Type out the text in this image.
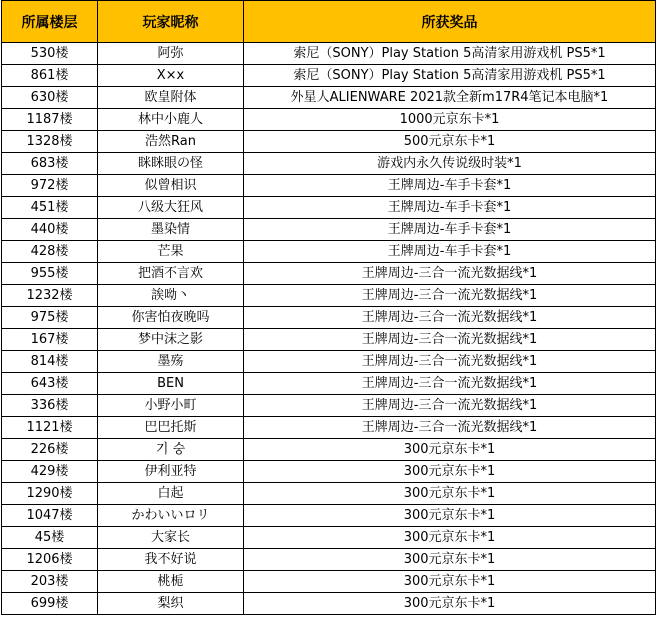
所属楼层	玩家昵称	所获奖品
530楼	阿弥	索尼（SONY）Play Station 5高清家用游戏机 PS5*1
861楼	X×x	索尼（SONY）Play Station 5高清家用游戏机 PS5*1
630楼	欧皇附体	外星人ALIENWARE 2021款全新m17R4笔记本电脑*1
1187楼	林中小鹿人	1000元京东卡*1
1328楼	浩然Ran	500元京东卡*1
683楼	眯眯眼の怪	游戏内永久传说级时装*1
972楼	似曾相识	王牌周边-车手卡套*1
451楼	八级大狂风	王牌周边-车手卡套*1
440楼	墨染情	王牌周边-车手卡套*1
428楼	芒果	王牌周边-车手卡套*1
955楼	把酒不言欢	王牌周边-三合一流光数据线*1
1232楼	誒呦丶	王牌周边-三合一流光数据线*1
975楼	你害怕夜晚吗	王牌周边-三合一流光数据线*1
167楼	梦中沫之影	王牌周边-三合一流光数据线*1
814楼	墨殇	王牌周边-三合一流光数据线*1
643楼	BEN	王牌周边-三合一流光数据线*1
336楼	小野小町	王牌周边-三合一流光数据线*1
1121楼	巴巴托斯	王牌周边-三合一流光数据线*1
226楼	기 숭	300元京东卡*1
429楼	伊利亚特	300元京东卡*1
1290楼	白起	300元京东卡*1
1047楼	かわいいロリ	300元京东卡*1
45楼	大家长	300元京东卡*1
1206楼	我不好说	300元京东卡*1
203楼	桃栀	300元京东卡*1
699楼	梨织	300元京东卡*1
